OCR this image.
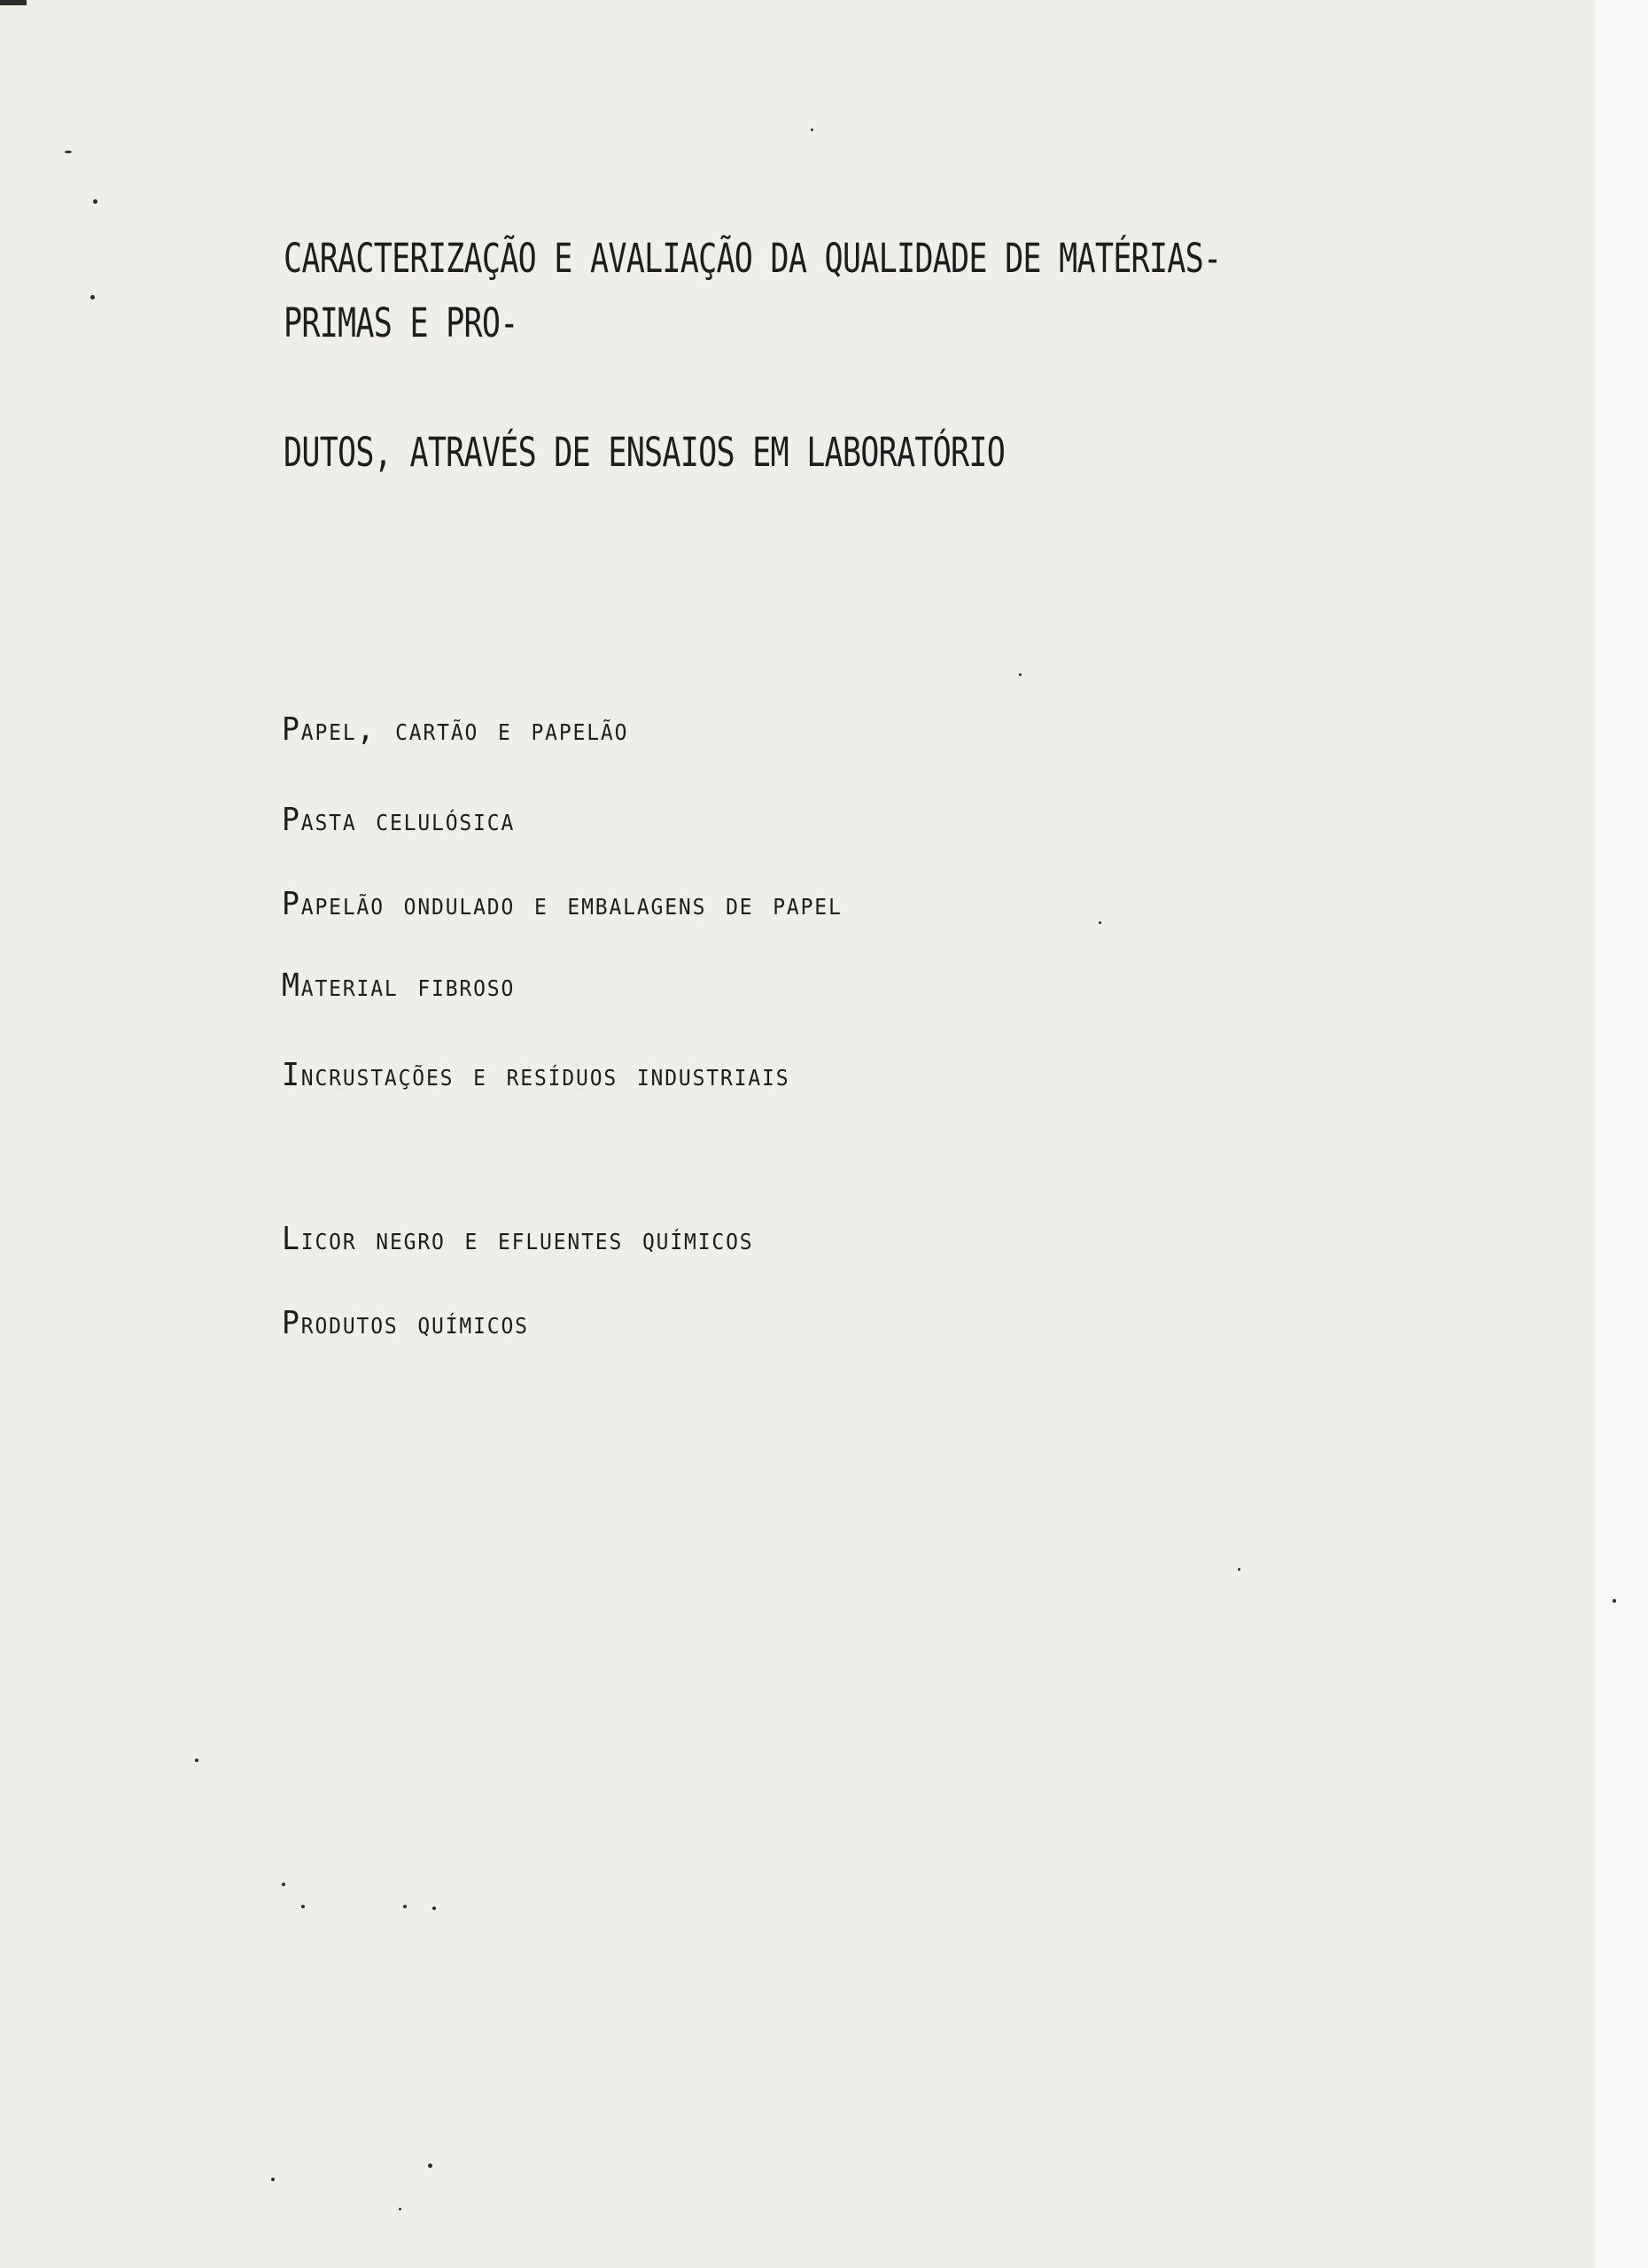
CARACTERIZAÇÃO E AVALIAÇÃO DA QUALIDADE DE MATÉRIAS-PRIMAS E PRO-

DUTOS, ATRAVÉS DE ENSAIOS EM LABORATÓRIO

Papel, cartão e papelão
Pasta celulósica
Papelão ondulado e embalagens de papel
Material fibroso
Incrustações e resíduos industriais
Licor negro e efluentes químicos
Produtos químicos
